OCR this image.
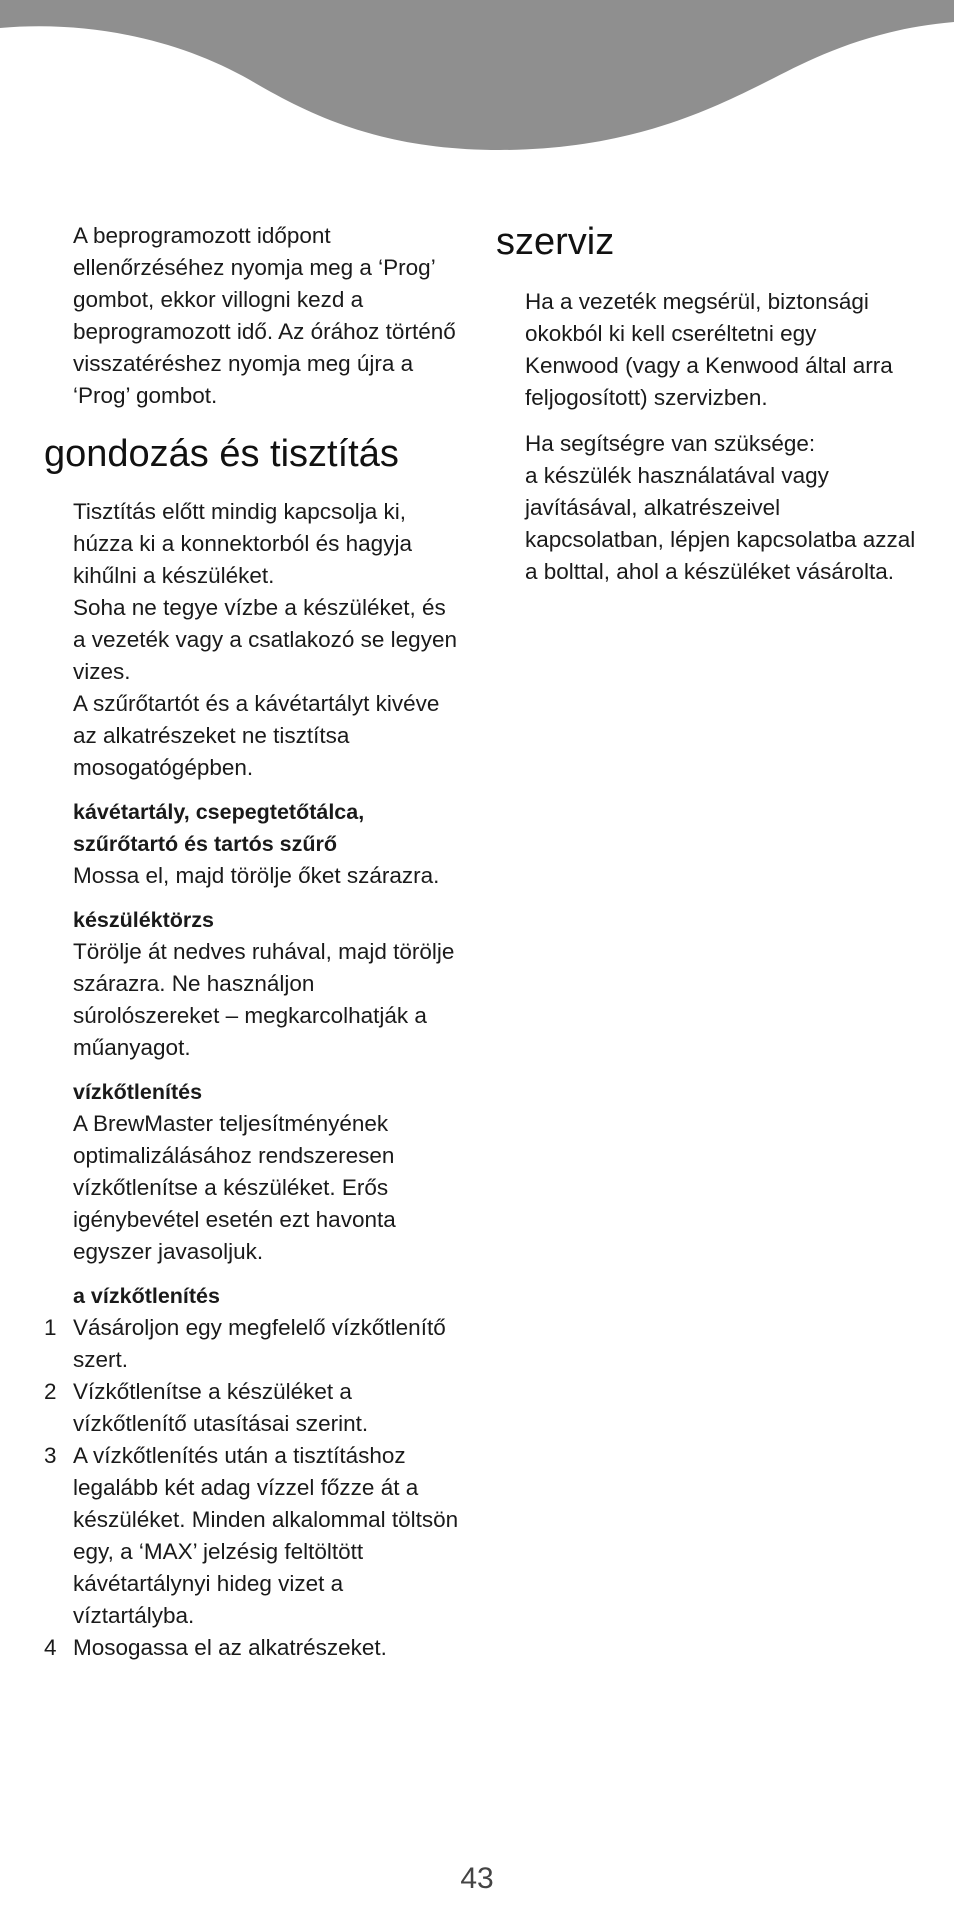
A beprogramozott időpont ellenőrzéséhez nyomja meg a ‘Prog’ gombot, ekkor villogni kezd a beprogramozott idő. Az órához történő visszatéréshez nyomja meg újra a ‘Prog’ gombot.

gondozás és tisztítás

Tisztítás előtt mindig kapcsolja ki, húzza ki a konnektorból és hagyja kihűlni a készüléket.

Soha ne tegye vízbe a készüléket, és a vezeték vagy a csatlakozó se legyen vizes.

A szűrőtartót és a kávétartályt kivéve az alkatrészeket ne tisztítsa mosogatógépben.

kávétartály, csepegtetőtálca, szűrőtartó és tartós szűrő

Mossa el, majd törölje őket szárazra.

készüléktörzs

Törölje át nedves ruhával, majd törölje szárazra. Ne használjon súrolószereket – megkarcolhatják a műanyagot.

vízkőtlenítés

A BrewMaster teljesítményének optimalizálásához rendszeresen vízkőtlenítse a készüléket. Erős igénybevétel esetén ezt havonta egyszer javasoljuk.

a vízkőtlenítés

1 Vásároljon egy megfelelő vízkőtlenítő szert.
2 Vízkőtlenítse a készüléket a vízkőtlenítő utasításai szerint.
3 A vízkőtlenítés után a tisztításhoz legalább két adag vízzel főzze át a készüléket. Minden alkalommal töltsön egy, a ‘MAX’ jelzésig feltöltött kávétartálynyi hideg vizet a víztartályba.
4 Mosogassa el az alkatrészeket.
szerviz

Ha a vezeték megsérül, biztonsági okokból ki kell cseréltetni egy Kenwood (vagy a Kenwood által arra feljogosított) szervizben.

Ha segítségre van szüksége:

a készülék használatával vagy javításával, alkatrészeivel kapcsolatban, lépjen kapcsolatba azzal a bolttal, ahol a készüléket vásárolta.

43
